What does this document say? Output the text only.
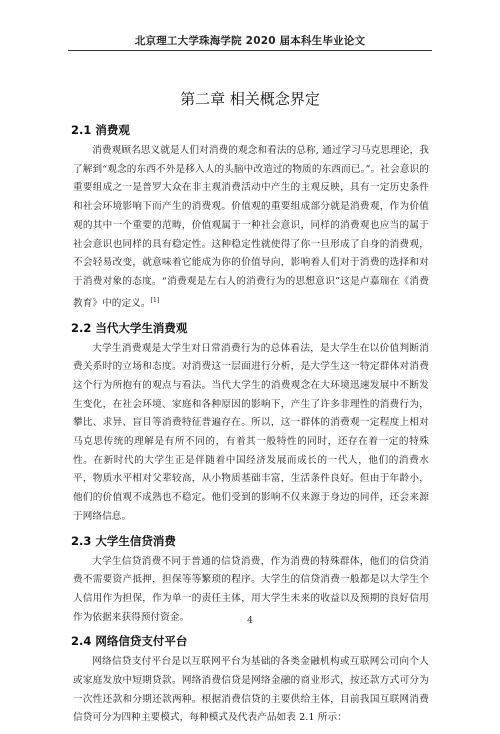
北京理工大学珠海学院 2020 届本科生毕业论文
第二章 相关概念界定
2.1 消费观

消费观顾名思义就是人们对消费的观念和看法的总称, 通过学习马克思理论，我了解到“观念的东西不外是移入人的头脑中改造过的物质的东西而已。”。社会意识的重要组成之一是普罗大众在非主观消费活动中产生的主观反映，具有一定历史条件和社会环境影响下而产生的消费观。价值观的重要组成部分就是消费观，作为价值观的其中一个重要的范畴，价值观属于一种社会意识，同样的消费观也应当的属于社会意识也同样的具有稳定性。这种稳定性就使得了你一旦形成了自身的消费观，不会轻易改变，就意味着它能成为你的价值导向，影响着人们对于消费的选择和对于消费对象的态度。“消费观是左右人的消费行为的思想意识”这是卢嘉瑞在《消费教育》中的定义。[1]

2.2 当代大学生消费观

大学生消费观是大学生对日常消费行为的总体看法，是大学生在以价值判断消费关系时的立场和态度。对消费这一层面进行分析，是大学生这一特定群体对消费这个行为所抱有的观点与看法。当代大学生的消费观念在大环境迅速发展中不断发生变化，在社会环境、家庭和各种原因的影响下，产生了许多非理性的消费行为，攀比、求异、盲目等消费特征普遍存在。所以，这一群体的消费观一定程度上相对马克思传统的理解是有所不同的，有着其一般特性的同时，还存在着一定的特殊性。在新时代的大学生正是伴随着中国经济发展而成长的一代人，他们的消费水平，物质水平相对父辈较高，从小物质基础丰富，生活条件良好。但由于年龄小，他们的价值观不成熟也不稳定。他们受到的影响不仅来源于身边的同伴，还会来源于网络信息。

2.3 大学生信贷消费

大学生信贷消费不同于普通的信贷消费，作为消费的特殊群体，他们的信贷消费不需要资产抵押，担保等等繁琐的程序。大学生的信贷消费一般都是以大学生个人信用作为担保，作为单一的责任主体，用大学生未来的收益以及预期的良好信用作为依据来获得预付资金。

2.4 网络信贷支付平台

网络信贷支付平台是以互联网平台为基础的各类金融机构或互联网公司向个人或家庭发放中短期贷款。网络消费信贷是网络金融的商业形式，按还款方式可分为一次性还款和分期还款两种。根据消费信贷的主要供给主体，目前我国互联网消费信贷可分为四种主要模式，每种模式及代表产品如表 2.1 所示：

4
